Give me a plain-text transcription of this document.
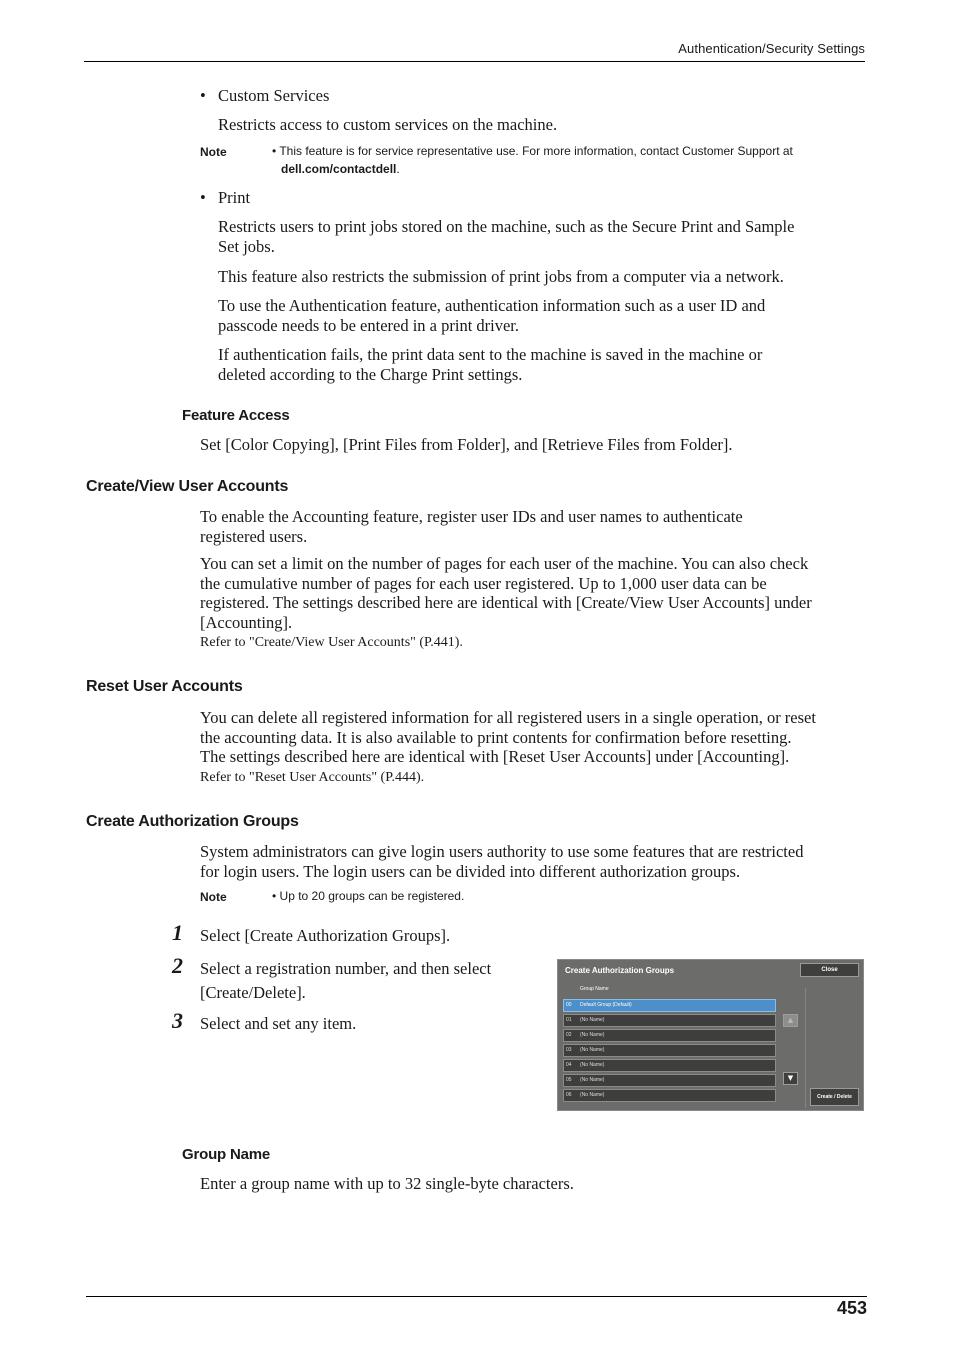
Authentication/Security Settings
• Custom Services
Restricts access to custom services on the machine.
Note	• This feature is for service representative use. For more information, contact Customer Support at
dell.com/contactdell.
• Print
Restricts users to print jobs stored on the machine, such as the Secure Print and Sample
Set jobs.
This feature also restricts the submission of print jobs from a computer via a network.
To use the Authentication feature, authentication information such as a user ID and
passcode needs to be entered in a print driver.
If authentication fails, the print data sent to the machine is saved in the machine or
deleted according to the Charge Print settings.
Feature Access
Set [Color Copying], [Print Files from Folder], and [Retrieve Files from Folder].
Create/View User Accounts
To enable the Accounting feature, register user IDs and user names to authenticate
registered users.
You can set a limit on the number of pages for each user of the machine. You can also check
the cumulative number of pages for each user registered. Up to 1,000 user data can be
registered. The settings described here are identical with [Create/View User Accounts] under
[Accounting].
Refer to "Create/View User Accounts" (P.441).
Reset User Accounts
You can delete all registered information for all registered users in a single operation, or reset
the accounting data. It is also available to print contents for confirmation before resetting.
The settings described here are identical with [Reset User Accounts] under [Accounting].
Refer to "Reset User Accounts" (P.444).
Create Authorization Groups
System administrators can give login users authority to use some features that are restricted
for login users. The login users can be divided into different authorization groups.
Note	• Up to 20 groups can be registered.
1 Select [Create Authorization Groups].
2 Select a registration number, and then select
[Create/Delete].
3 Select and set any item.
Create Authorization Groups	Close
Group Name
00 Default Group (Default)
01 (No Name)
02 (No Name)
03 (No Name)
04 (No Name)
05 (No Name)
06 (No Name)
▲
▼
Create / Delete
Group Name
Enter a group name with up to 32 single-byte characters.
453
